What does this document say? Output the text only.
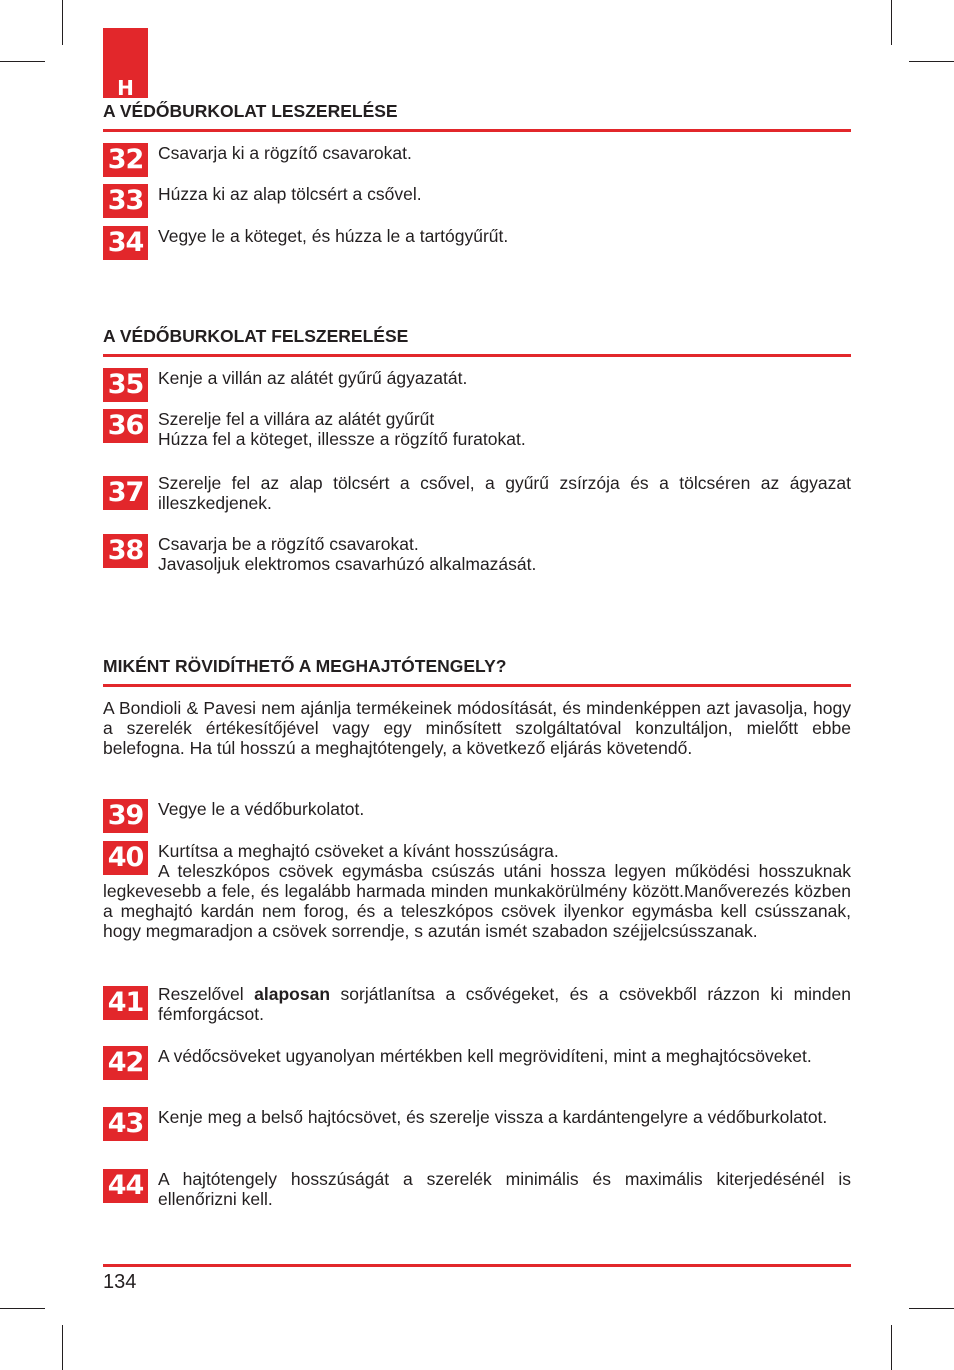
H
A VÉDŐBURKOLAT LESZERELÉSE
32 Csavarja ki a rögzítő csavarokat.

33 Húzza ki az alap tölcsért a csővel.

34 Vegye le a köteget, és húzza le a tartógyűrűt.

A VÉDŐBURKOLAT FELSZERELÉSE
35 Kenje a villán az alátét gyűrű ágyazatát.

36 Szerelje fel a villára az alátét gyűrűt
Húzza fel a köteget, illessze a rögzítő furatokat.

37 Szerelje fel az alap tölcsért a csővel, a gyűrű zsírzója és a tölcséren az ágyazat illeszkedjenek.

38 Csavarja be a rögzítő csavarokat.
Javasoljuk elektromos csavarhúzó alkalmazását.

MIKÉNT RÖVIDÍTHETŐ A MEGHAJTÓTENGELY?

A Bondioli & Pavesi nem ajánlja termékeinek módosítását, és mindenképpen azt javasolja, hogy a szerelék értékesítőjével vagy egy minősített szolgáltatóval konzultáljon, mielőtt ebbe belefogna. Ha túl hosszú a meghajtótengely, a következő eljárás követendő.

39 Vegye le a védőburkolatot.

40 Kurtítsa a meghajtó csöveket a kívánt hosszúságra.
A teleszkópos csövek egymásba csúszás utáni hossza legyen működési hosszuknak legkevesebb a fele, és legalább harmada minden munkakörülmény között.Manőverezés közben a meghajtó kardán nem forog, és a teleszkópos csövek ilyenkor egymásba kell csússzanak, hogy megmaradjon a csövek sorrendje, s azután ismét szabadon széjjelcsússzanak.

41 Reszelővel alaposan sorjátlanítsa a csővégeket, és a csövekből rázzon ki minden fémforgácsot.

42 A védőcsöveket ugyanolyan mértékben kell megrövidíteni, mint a meghajtócsöveket.

43 Kenje meg a belső hajtócsövet, és szerelje vissza a kardántengelyre a védőburkolatot.

44 A hajtótengely hosszúságát a szerelék minimális és maximális kiterjedésénél is ellenőrizni kell.

134
